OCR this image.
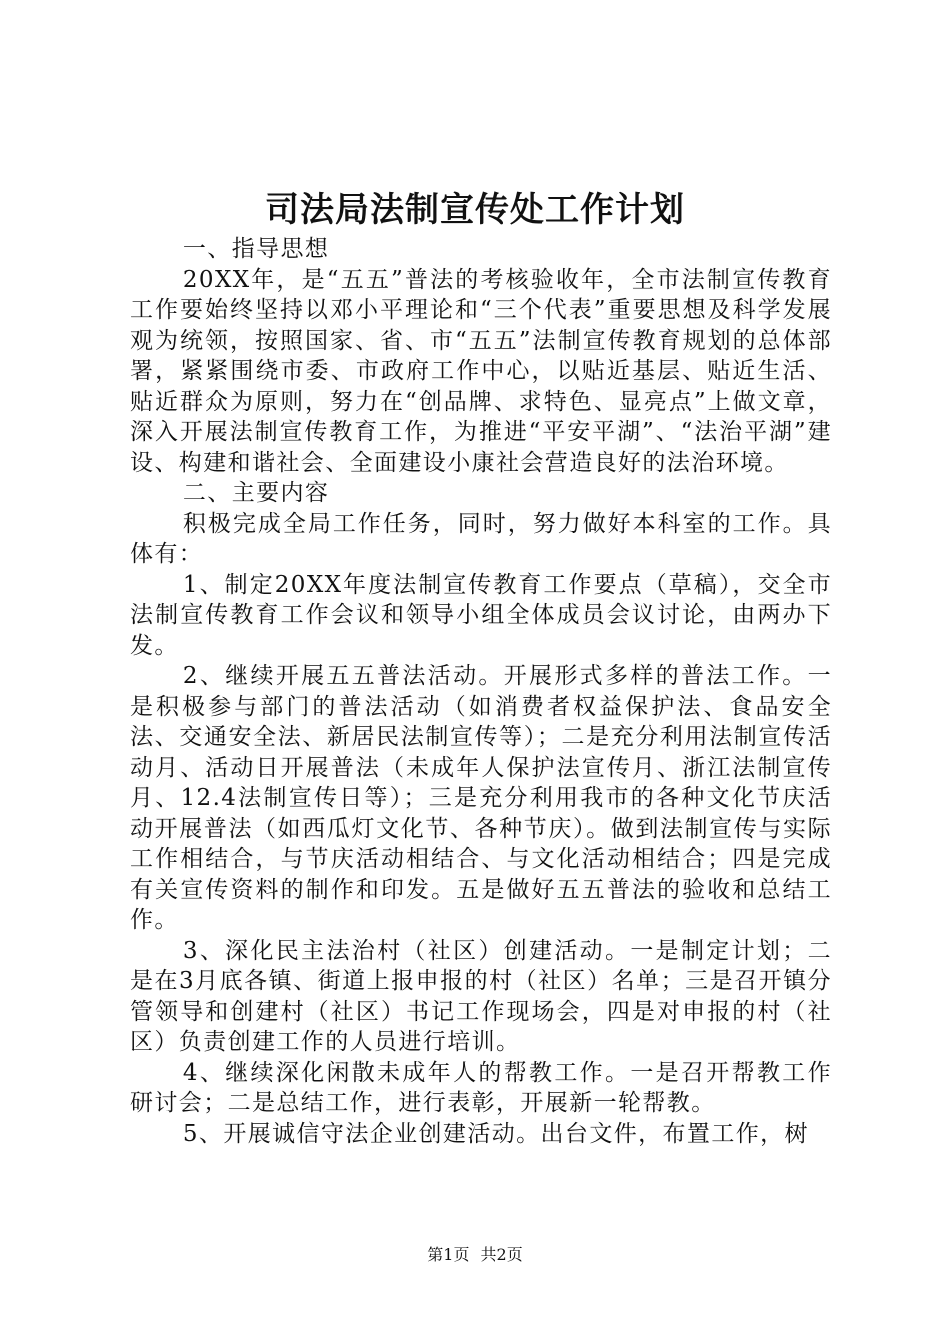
司法局法制宣传处工作计划

一、指导思想

20XX年，是“五五”普法的考核验收年，全市法制宣传教育工作要始终坚持以邓小平理论和“三个代表”重要思想及科学发展观为统领，按照国家、省、市“五五”法制宣传教育规划的总体部署，紧紧围绕市委、市政府工作中心，以贴近基层、贴近生活、贴近群众为原则，努力在“创品牌、求特色、显亮点”上做文章，深入开展法制宣传教育工作，为推进“平安平湖”、“法治平湖”建设、构建和谐社会、全面建设小康社会营造良好的法治环境。

二、主要内容

积极完成全局工作任务，同时，努力做好本科室的工作。具体有：

1、制定20XX年度法制宣传教育工作要点（草稿），交全市法制宣传教育工作会议和领导小组全体成员会议讨论，由两办下发。

2、继续开展五五普法活动。开展形式多样的普法工作。一是积极参与部门的普法活动（如消费者权益保护法、食品安全法、交通安全法、新居民法制宣传等）；二是充分利用法制宣传活动月、活动日开展普法（未成年人保护法宣传月、浙江法制宣传月、12.4法制宣传日等）；三是充分利用我市的各种文化节庆活动开展普法（如西瓜灯文化节、各种节庆）。做到法制宣传与实际工作相结合，与节庆活动相结合、与文化活动相结合；四是完成有关宣传资料的制作和印发。五是做好五五普法的验收和总结工作。

3、深化民主法治村（社区）创建活动。一是制定计划；二是在3月底各镇、街道上报申报的村（社区）名单；三是召开镇分管领导和创建村（社区）书记工作现场会，四是对申报的村（社区）负责创建工作的人员进行培训。

4、继续深化闲散未成年人的帮教工作。一是召开帮教工作研讨会；二是总结工作，进行表彰，开展新一轮帮教。

5、开展诚信守法企业创建活动。出台文件，布置工作，树

第1页 共2页
